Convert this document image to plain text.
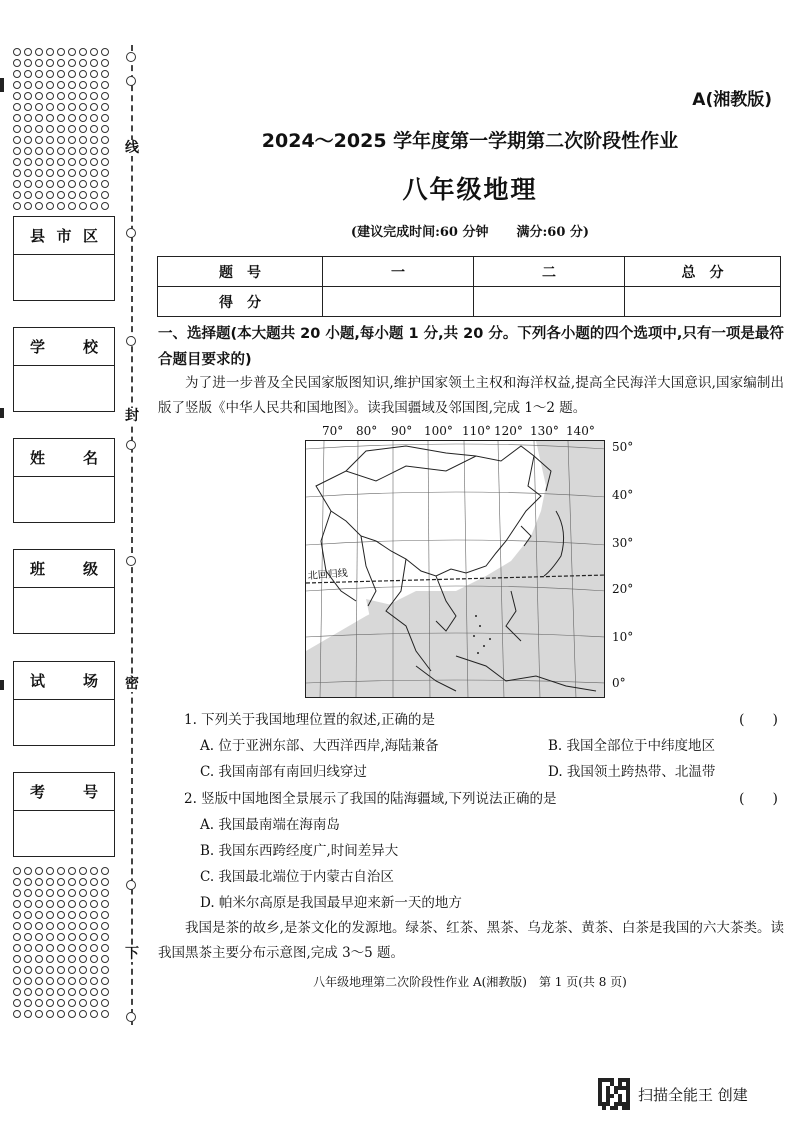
线
封
密
下
县 市 区
学	校
姓	名
班	级
试	场
考	号
A(湘教版)
2024～2025 学年度第一学期第二次阶段性作业
八年级地理
(建议完成时间:60 分钟 满分:60 分)
题　号	一	二	总　分
得　分			
一、选择题(本大题共 20 小题,每小题 1 分,共 20 分。下列各小题的四个选项中,只有一项是最符合题目要求的)

为了进一步普及全民国家版图知识,维护国家领土主权和海洋权益,提高全民海洋大国意识,国家编制出版了竖版《中华人民共和国地图》。读我国疆域及邻国图,完成 1～2 题。

70° 80° 90° 100° 110° 120° 130° 140°
50°
40°
30°
20°
10°
0°
北回归线
1. 下列关于我国地理位置的叙述,正确的是	(　　)
A. 位于亚洲东部、大西洋西岸,海陆兼备	B. 我国全部位于中纬度地区
C. 我国南部有南回归线穿过	D. 我国领土跨热带、北温带
2. 竖版中国地图全景展示了我国的陆海疆域,下列说法正确的是	(　　)
A. 我国最南端在海南岛
B. 我国东西跨经度广,时间差异大
C. 我国最北端位于内蒙古自治区
D. 帕米尔高原是我国最早迎来新一天的地方

我国是茶的故乡,是茶文化的发源地。绿茶、红茶、黑茶、乌龙茶、黄茶、白茶是我国的六大茶类。读我国黑茶主要分布示意图,完成 3～5 题。

八年级地理第二次阶段性作业 A(湘教版)　第 1 页(共 8 页)
扫描全能王 创建
